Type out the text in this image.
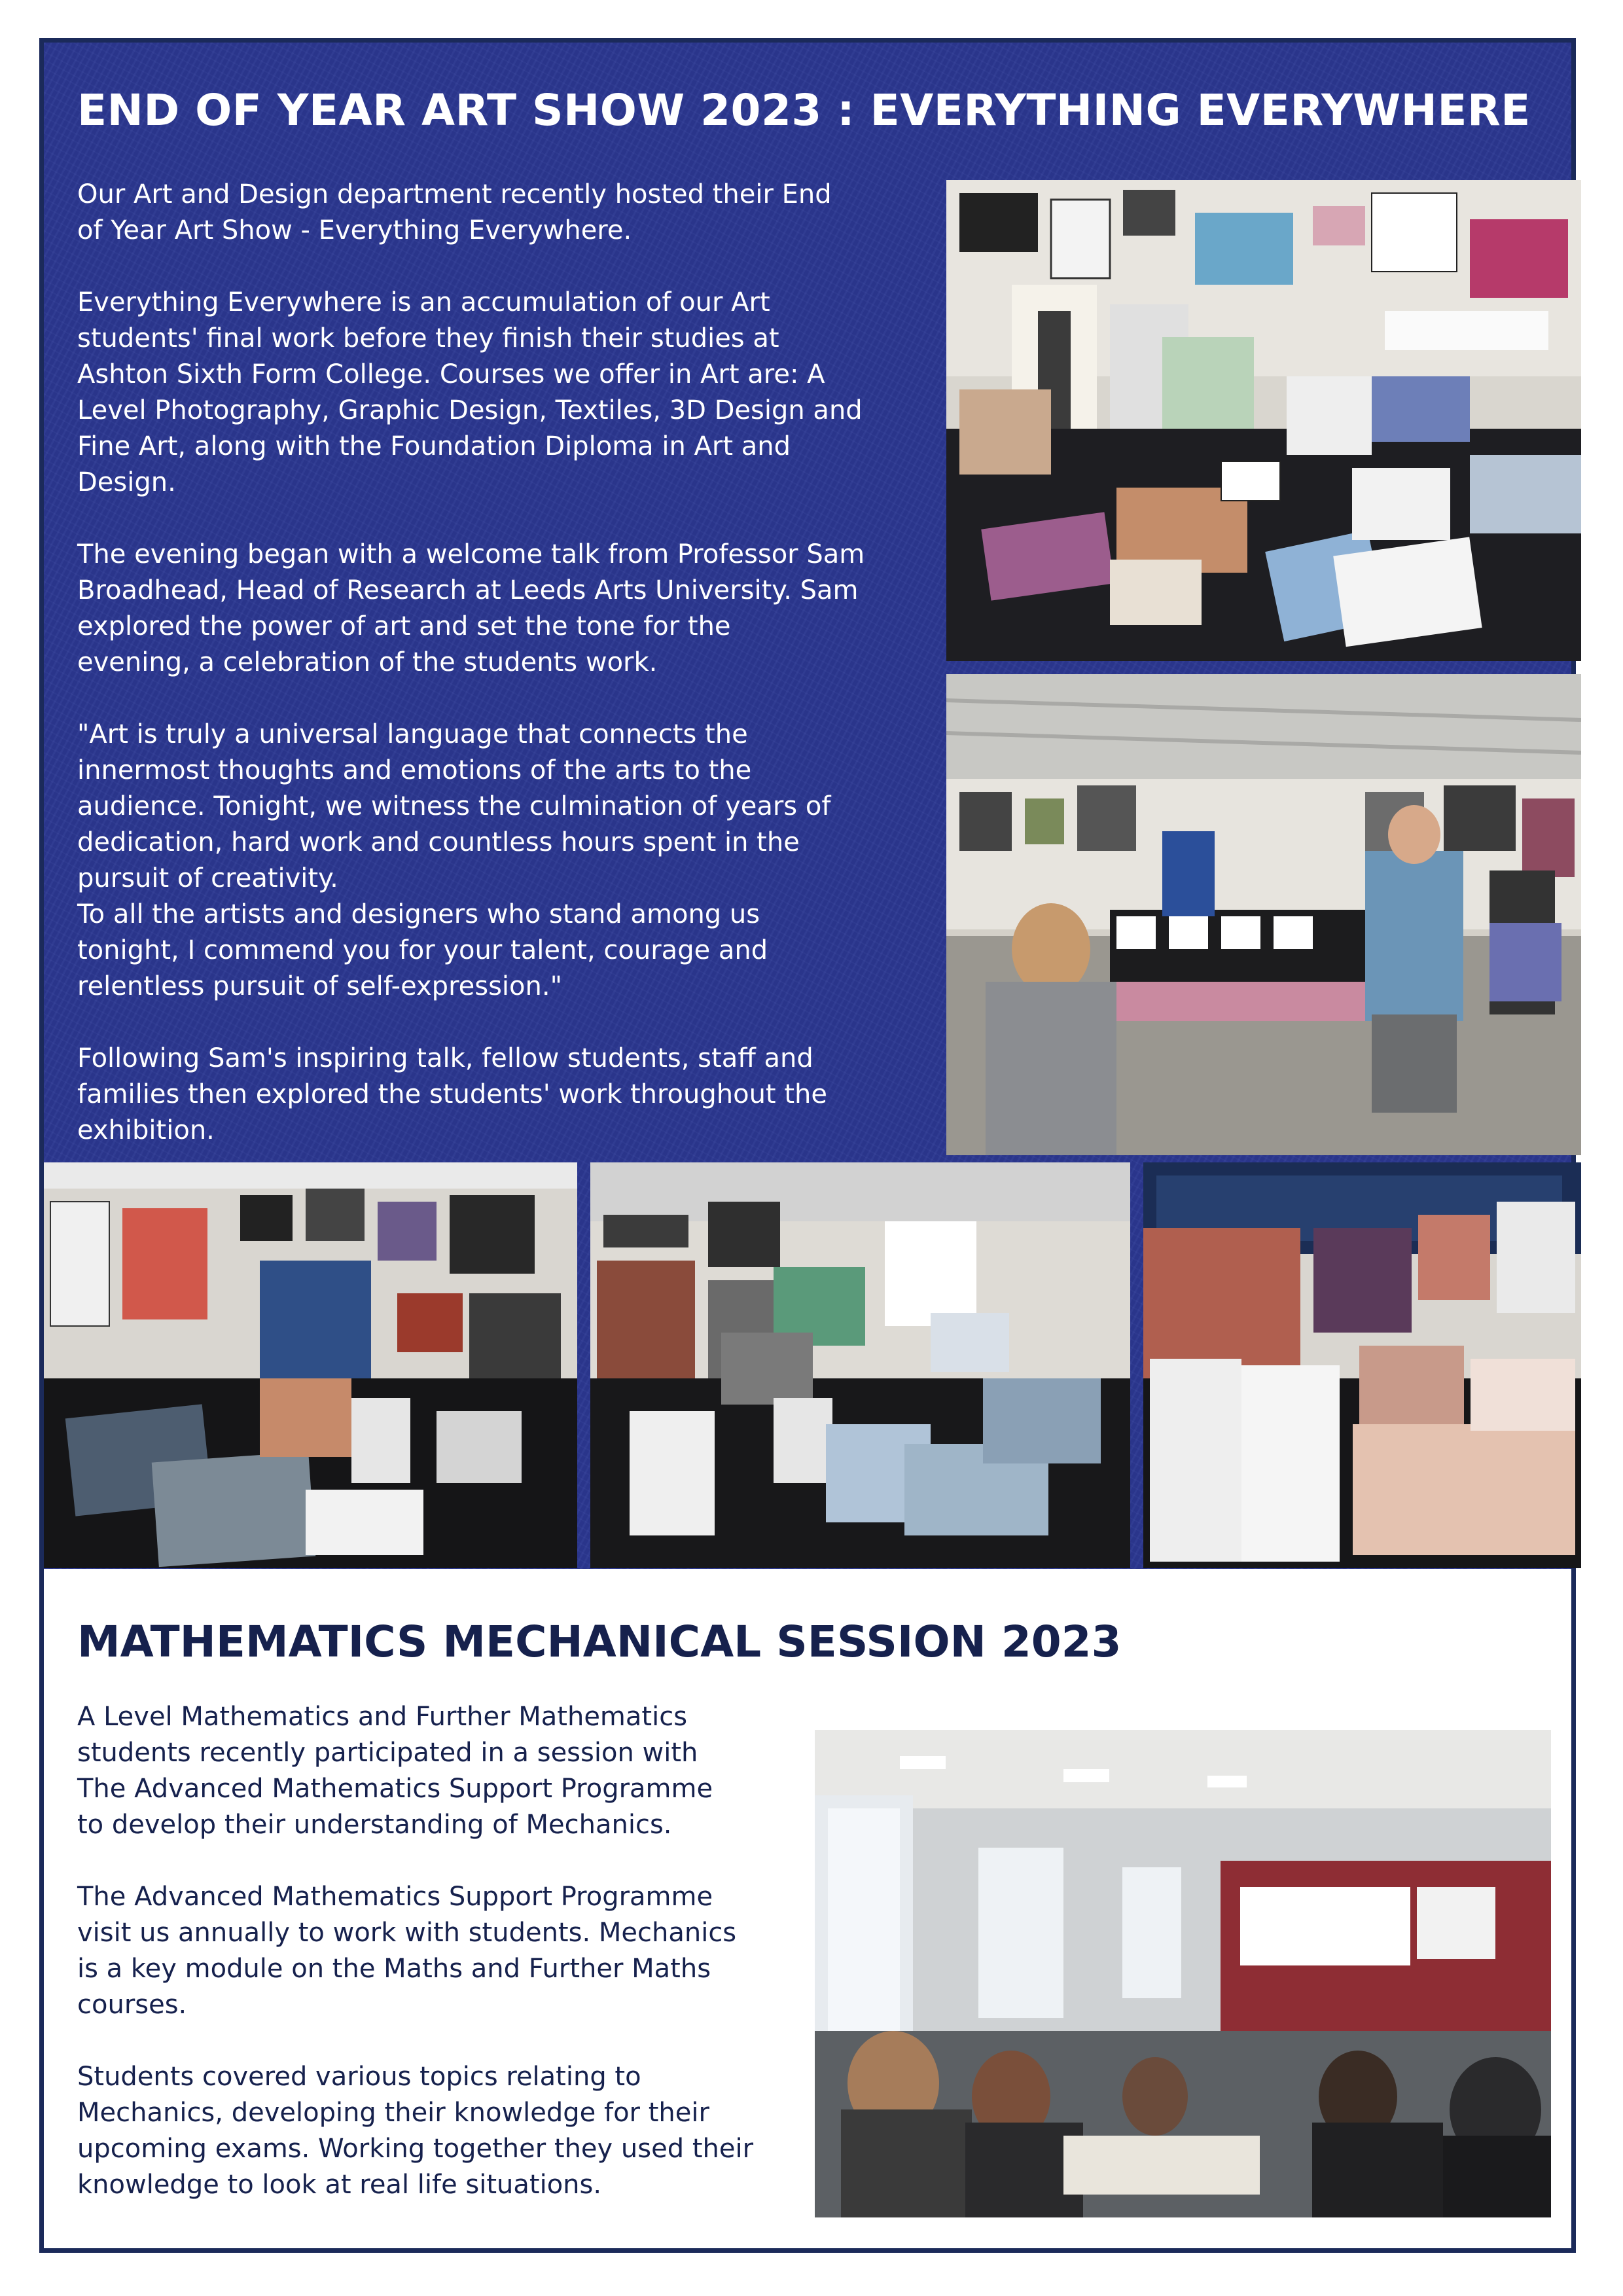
END OF YEAR ART SHOW 2023 : EVERYTHING EVERYWHERE

Our Art and Design department recently hosted their End
of Year Art Show - Everything Everywhere.

Everything Everywhere is an accumulation of our Art
students' final work before they finish their studies at
Ashton Sixth Form College. Courses we offer in Art are: A
Level Photography, Graphic Design, Textiles, 3D Design and
Fine Art, along with the Foundation Diploma in Art and
Design.

The evening began with a welcome talk from Professor Sam
Broadhead, Head of Research at Leeds Arts University. Sam
explored the power of art and set the tone for the
evening, a celebration of the students work.

"Art is truly a universal language that connects the
innermost thoughts and emotions of the arts to the
audience. Tonight, we witness the culmination of years of
dedication, hard work and countless hours spent in the
pursuit of creativity.
To all the artists and designers who stand among us
tonight, I commend you for your talent, courage and
relentless pursuit of self-expression."

Following Sam's inspiring talk, fellow students, staff and
families then explored the students' work throughout the
exhibition.

MATHEMATICS MECHANICAL SESSION 2023

A Level Mathematics and Further Mathematics
students recently participated in a session with
The Advanced Mathematics Support Programme
to develop their understanding of Mechanics.

The Advanced Mathematics Support Programme
visit us annually to work with students. Mechanics
is a key module on the Maths and Further Maths
courses.

Students covered various topics relating to
Mechanics, developing their knowledge for their
upcoming exams. Working together they used their
knowledge to look at real life situations.
